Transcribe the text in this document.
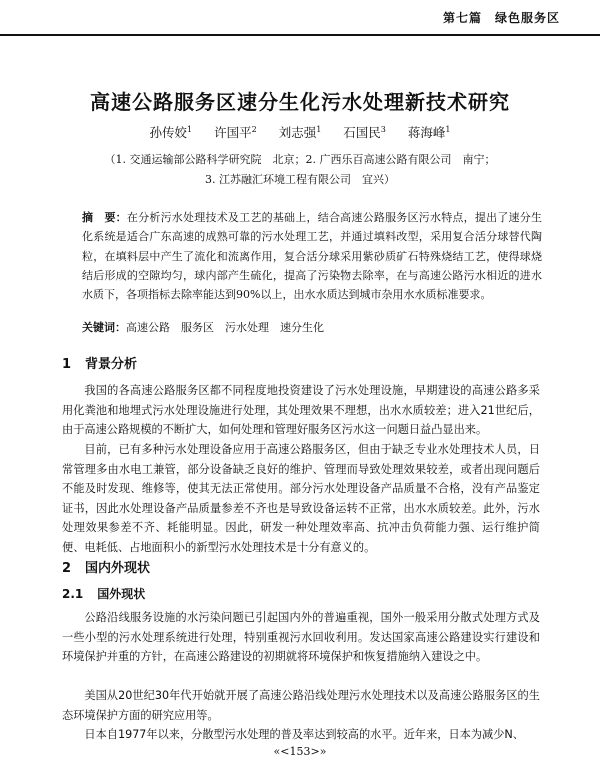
第七篇　绿色服务区
高速公路服务区速分生化污水处理新技术研究
孙传姣$^1$ 许国平$^2$ 刘志强$^1$ 石国民$^3$ 蒋海峰$^1$
（1. 交通运输部公路科学研究院　北京；2. 广西乐百高速公路有限公司　南宁；
3. 江苏融汇环境工程有限公司　宜兴）
摘　要：在分析污水处理技术及工艺的基础上，结合高速公路服务区污水特点，提出了速分生化系统是适合广东高速的成熟可靠的污水处理工艺，并通过填料改型，采用复合活分球替代陶粒，在填料层中产生了流化和流离作用，复合活分球采用紫砂质矿石特殊烧结工艺，使得球烧结后形成的空隙均匀，球内部产生硫化，提高了污染物去除率，在与高速公路污水相近的进水水质下，各项指标去除率能达到90%以上，出水水质达到城市杂用水水质标准要求。
关键词：高速公路　服务区　污水处理　速分生化
1 背景分析
我国的各高速公路服务区都不同程度地投资建设了污水处理设施，早期建设的高速公路多采用化粪池和地埋式污水处理设施进行处理，其处理效果不理想，出水水质较差；进入21世纪后，由于高速公路规模的不断扩大，如何处理和管理好服务区污水这一问题日益凸显出来。
目前，已有多种污水处理设备应用于高速公路服务区，但由于缺乏专业水处理技术人员，日常管理多由水电工兼管，部分设备缺乏良好的维护、管理而导致处理效果较差，或者出现问题后不能及时发现、维修等，使其无法正常使用。部分污水处理设备产品质量不合格，没有产品鉴定证书，因此水处理设备产品质量参差不齐也是导致设备运转不正常，出水水质较差。此外，污水处理效果参差不齐、耗能明显。因此，研发一种处理效率高、抗冲击负荷能力强、运行维护简便、电耗低、占地面积小的新型污水处理技术是十分有意义的。
2 国内外现状
2.1 国外现状
公路沿线服务设施的水污染问题已引起国内外的普遍重视，国外一般采用分散式处理方式及一些小型的污水处理系统进行处理，特别重视污水回收利用。发达国家高速公路建设实行建设和环境保护并重的方针，在高速公路建设的初期就将环境保护和恢复措施纳入建设之中。
美国从20世纪30年代开始就开展了高速公路沿线处理污水处理技术以及高速公路服务区的生态环境保护方面的研究应用等。
日本自1977年以来，分散型污水处理的普及率达到较高的水平。近年来，日本为减少N、
«<153>»
